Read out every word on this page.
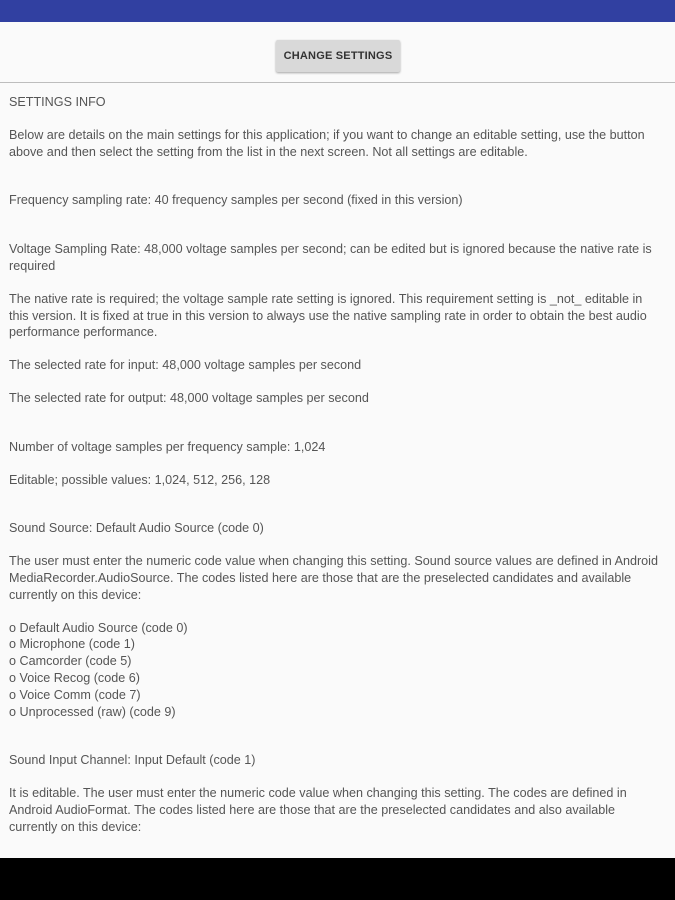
CHANGE SETTINGS

SETTINGS INFO

Below are details on the main settings for this application; if you want to change an editable setting, use the button above and then select the setting from the list in the next screen. Not all settings are editable.

Frequency sampling rate: 40 frequency samples per second (fixed in this version)

Voltage Sampling Rate: 48,000 voltage samples per second; can be edited but is ignored because the native rate is required

The native rate is required; the voltage sample rate setting is ignored. This requirement setting is _not_ editable in this version. It is fixed at true in this version to always use the native sampling rate in order to obtain the best audio performance performance.

The selected rate for input: 48,000 voltage samples per second

The selected rate for output: 48,000 voltage samples per second

Number of voltage samples per frequency sample: 1,024

Editable; possible values: 1,024, 512, 256, 128

Sound Source: Default Audio Source (code 0)

The user must enter the numeric code value when changing this setting. Sound source values are defined in Android MediaRecorder.AudioSource. The codes listed here are those that are the preselected candidates and available currently on this device:

o Default Audio Source (code 0)

o Microphone (code 1)

o Camcorder (code 5)

o Voice Recog (code 6)

o Voice Comm (code 7)

o Unprocessed (raw) (code 9)

Sound Input Channel: Input Default (code 1)

It is editable. The user must enter the numeric code value when changing this setting. The codes are defined in Android AudioFormat. The codes listed here are those that are the preselected candidates and also available currently on this device:
